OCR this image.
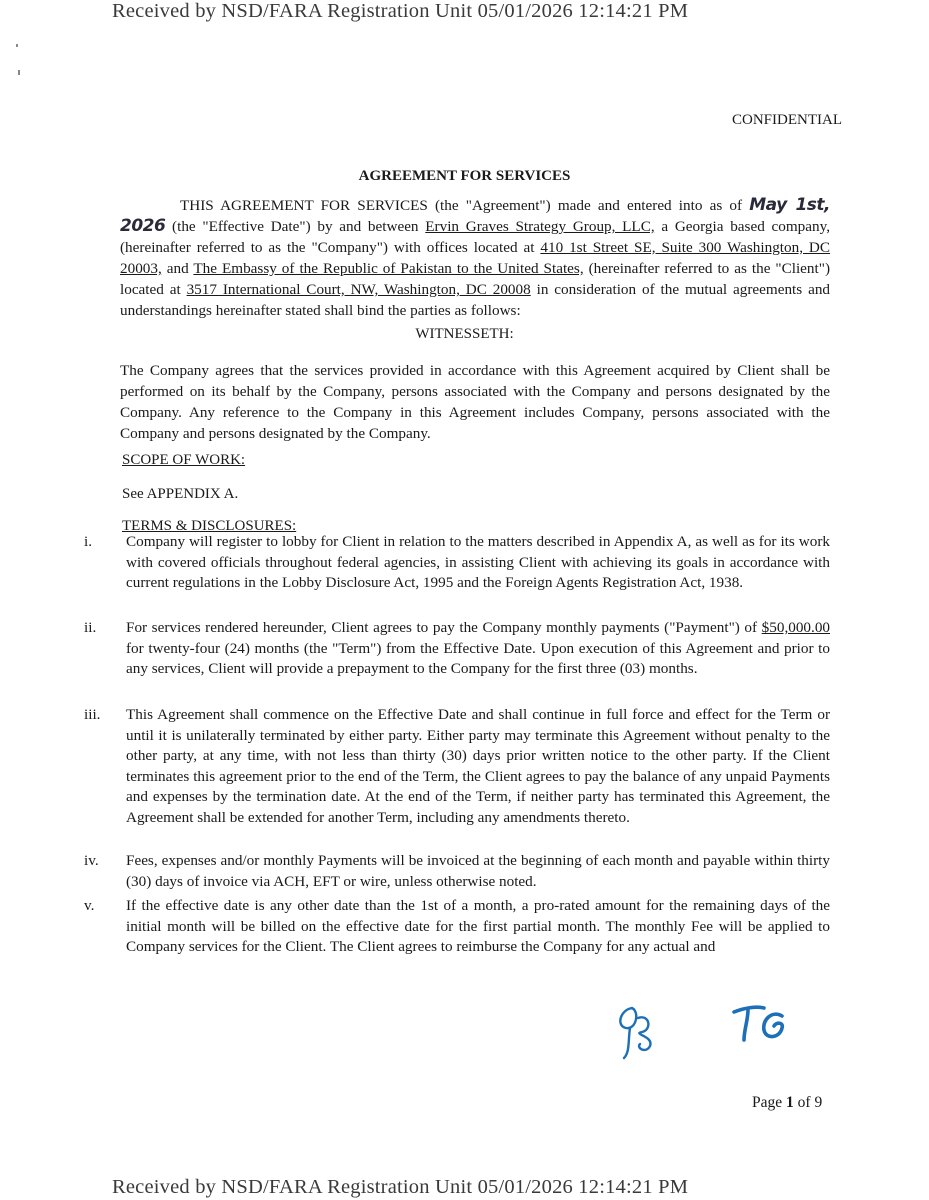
Received by NSD/FARA Registration Unit 05/01/2026 12:14:21 PM
CONFIDENTIAL
AGREEMENT FOR SERVICES
THIS AGREEMENT FOR SERVICES (the "Agreement") made and entered into as of May 1st, 2026 (the "Effective Date") by and between Ervin Graves Strategy Group, LLC, a Georgia based company, (hereinafter referred to as the "Company") with offices located at 410 1st Street SE, Suite 300 Washington, DC 20003, and The Embassy of the Republic of Pakistan to the United States, (hereinafter referred to as the "Client") located at 3517 International Court, NW, Washington, DC 20008 in consideration of the mutual agreements and understandings hereinafter stated shall bind the parties as follows:
WITNESSETH:
The Company agrees that the services provided in accordance with this Agreement acquired by Client shall be performed on its behalf by the Company, persons associated with the Company and persons designated by the Company. Any reference to the Company in this Agreement includes Company, persons associated with the Company and persons designated by the Company.
SCOPE OF WORK:
See APPENDIX A.
TERMS & DISCLOSURES:
i.	Company will register to lobby for Client in relation to the matters described in Appendix A, as well as for its work with covered officials throughout federal agencies, in assisting Client with achieving its goals in accordance with current regulations in the Lobby Disclosure Act, 1995 and the Foreign Agents Registration Act, 1938.
ii.	For services rendered hereunder, Client agrees to pay the Company monthly payments ("Payment") of $50,000.00 for twenty-four (24) months (the "Term") from the Effective Date. Upon execution of this Agreement and prior to any services, Client will provide a prepayment to the Company for the first three (03) months.
iii.	This Agreement shall commence on the Effective Date and shall continue in full force and effect for the Term or until it is unilaterally terminated by either party. Either party may terminate this Agreement without penalty to the other party, at any time, with not less than thirty (30) days prior written notice to the other party. If the Client terminates this agreement prior to the end of the Term, the Client agrees to pay the balance of any unpaid Payments and expenses by the termination date. At the end of the Term, if neither party has terminated this Agreement, the Agreement shall be extended for another Term, including any amendments thereto.
iv.	Fees, expenses and/or monthly Payments will be invoiced at the beginning of each month and payable within thirty (30) days of invoice via ACH, EFT or wire, unless otherwise noted.
v.	If the effective date is any other date than the 1st of a month, a pro-rated amount for the remaining days of the initial month will be billed on the effective date for the first partial month. The monthly Fee will be applied to Company services for the Client. The Client agrees to reimburse the Company for any actual and
Page 1 of 9
Received by NSD/FARA Registration Unit 05/01/2026 12:14:21 PM
